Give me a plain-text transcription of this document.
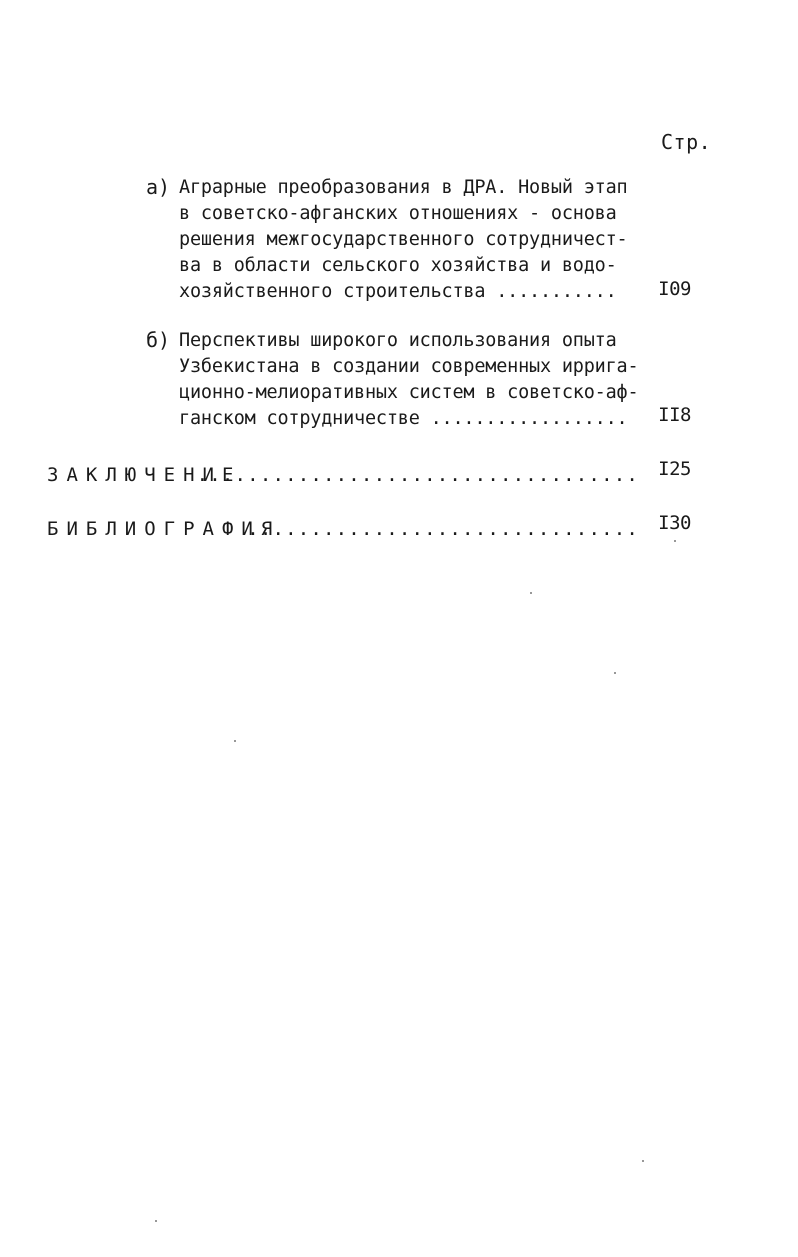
Стр.
а) Аграрные преобразования в ДРА. Новый этап
в советско-афганских отношениях - основа
решения межгосударственного сотрудничест-
ва в области сельского хозяйства и водо-
хозяйственного строительства ...........	I09
б) Перспективы широкого использования опыта
Узбекистана в создании современных ирригa-
ционно-мелиоративных систем в советско-аф-
ганском сотрудничестве ..................	II8
ЗАКЛЮЧЕНИЕ
................................... I25
БИБЛИОГРАФИЯ
............................... I30
